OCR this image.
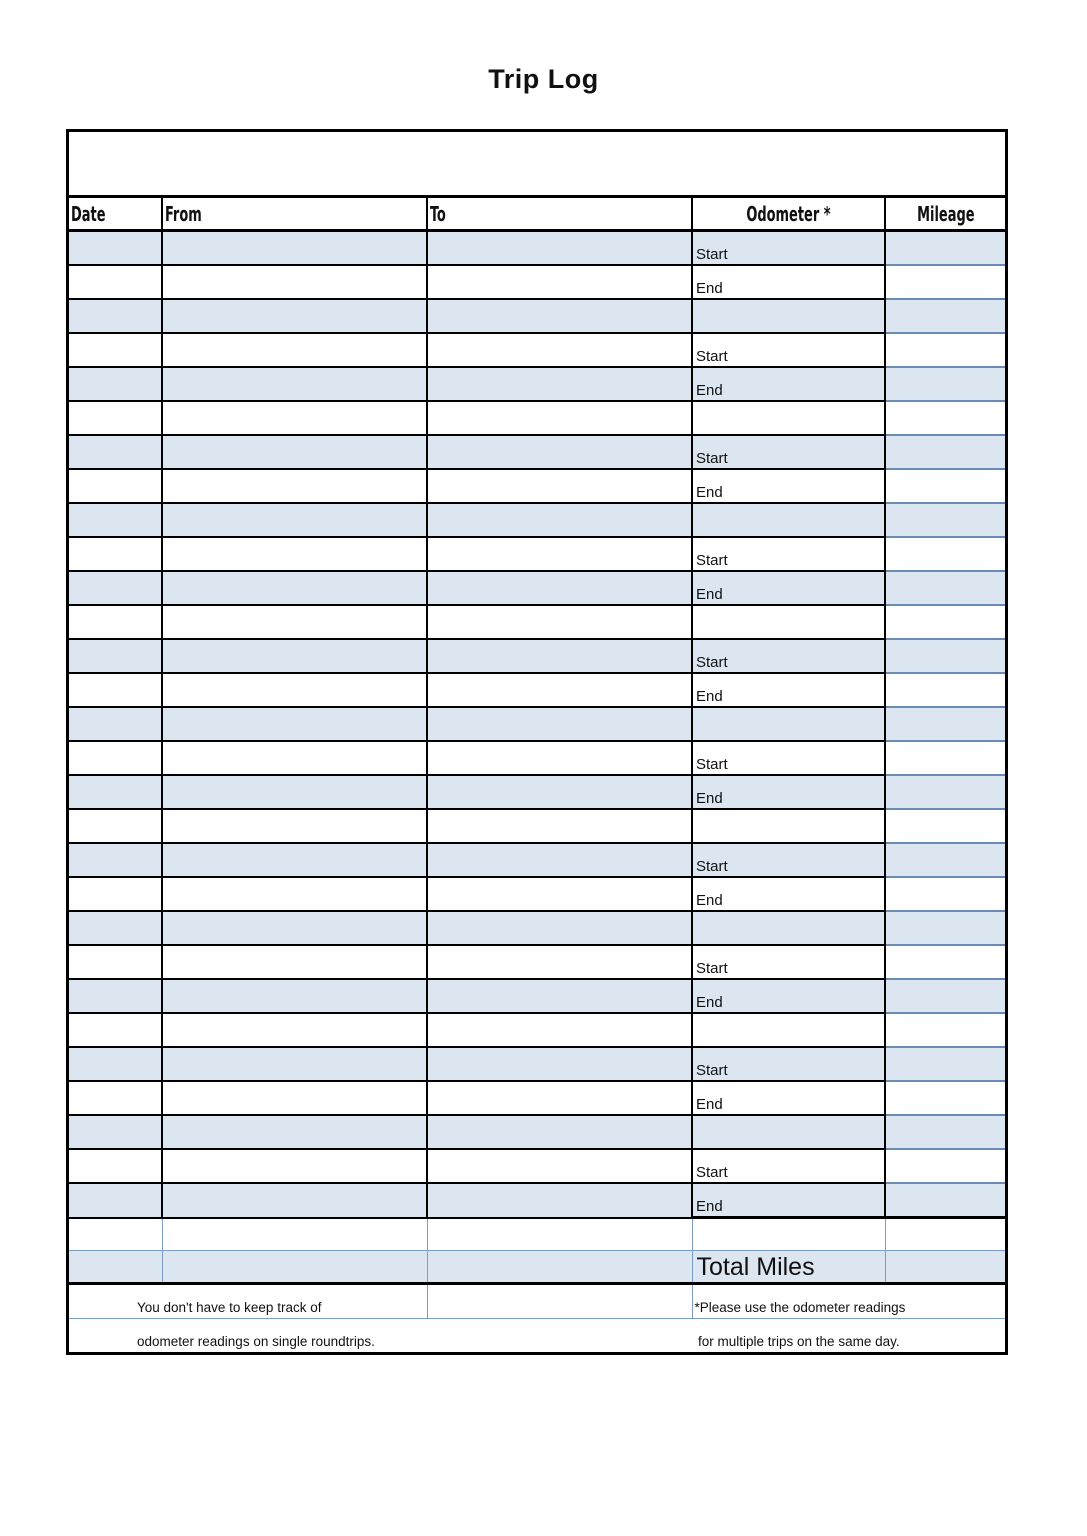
Trip Log
Date	From	To	Odometer *	Mileage
			Start	
			End	

			Start	
			End	

			Start	
			End	

			Start	
			End	

			Start	
			End	

			Start	
			End	

			Start	
			End	

			Start	
			End	

			Start	
			End	

			Start	
			End	

			Total Miles	
You don't have to keep track of			*Please use the odometer readings	
odometer readings on single roundtrips.			for multiple trips on the same day.	
